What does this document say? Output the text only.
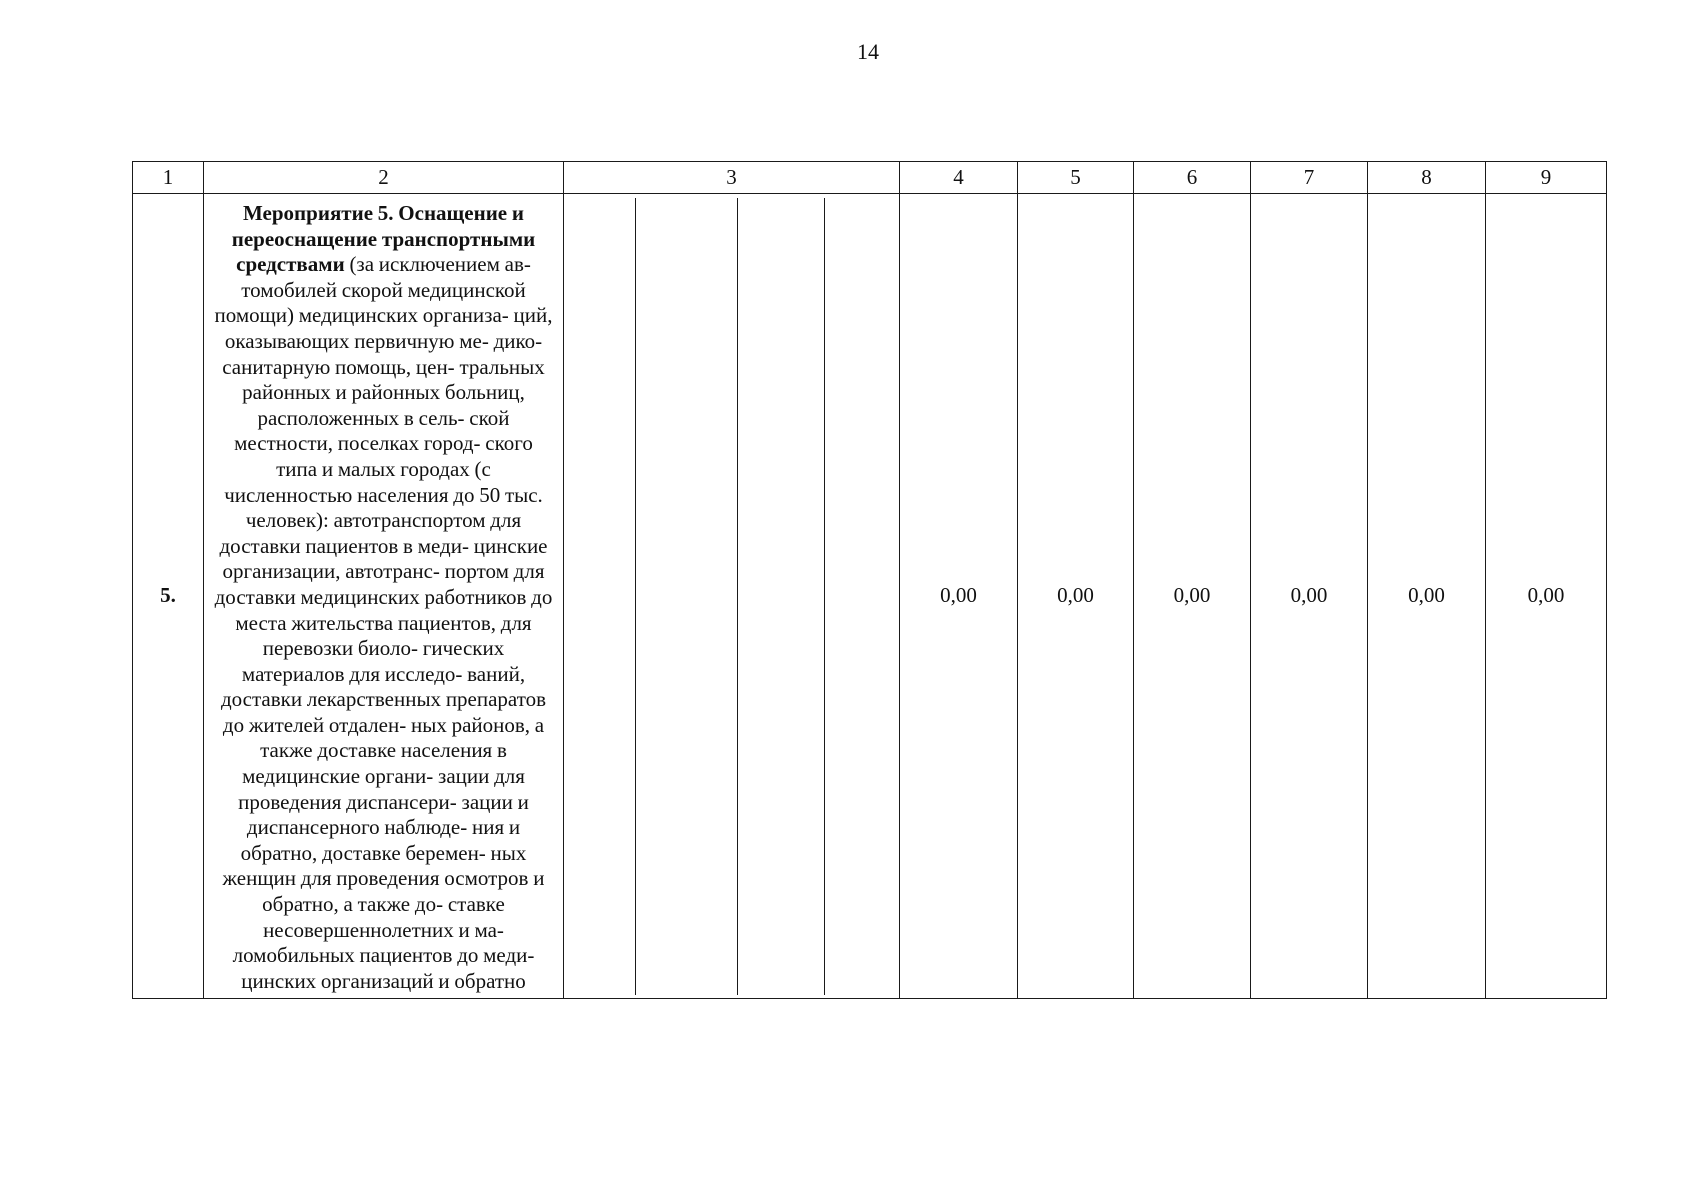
14
1	2	3	4	5	6	7	8	9
5.	Мероприятие 5. Оснащение и переоснащение транспортными средствами (за исключением ав- томобилей скорой медицинской помощи) медицинских организа- ций, оказывающих первичную ме- дико-санитарную помощь, цен- тральных районных и районных больниц, расположенных в сель- ской местности, поселках город- ского типа и малых городах (с численностью населения до 50 тыс. человек): автотранспортом для доставки пациентов в меди- цинские организации, автотранс- портом для доставки медицинских работников до места жительства пациентов, для перевозки биоло- гических материалов для исследо- ваний, доставки лекарственных препаратов до жителей отдален- ных районов, а также доставке населения в медицинские органи- зации для проведения диспансери- зации и диспансерного наблюде- ния и обратно, доставке беремен- ных женщин для проведения осмотров и обратно, а также до- ставке несовершеннолетних и ма- ломобильных пациентов до меди- цинских организаций и обратно		0,00	0,00	0,00	0,00	0,00	0,00
